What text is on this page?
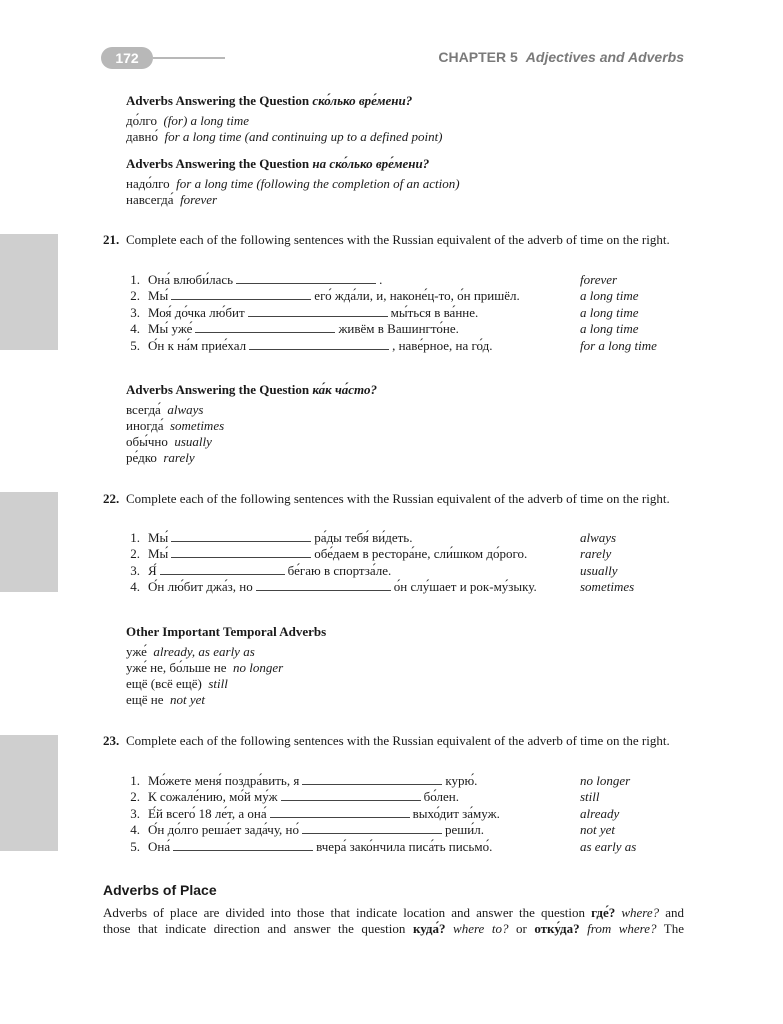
172	CHAPTER 5 Adjectives and Adverbs
Adverbs Answering the Question ско́лько вре́мени?
до́лго (for) a long time
давно́ for a long time (and continuing up to a defined point)
Adverbs Answering the Question на ско́лько вре́мени?
надо́лго for a long time (following the completion of an action)
навсегда́ forever
21. Complete each of the following sentences with the Russian equivalent of the adverb of time on the right.
1. Она́ влюби́лась	.	forever
2. Мы́	его́ жда́ли, и, наконе́ц-то, о́н пришёл.	a long time
3. Моя́ до́чка лю́бит	мы́ться в ва́нне.	a long time
4. Мы́ уже́	живём в Вашингто́не.	a long time
5. О́н к на́м прие́хал	, наве́рное, на го́д.	for a long time
Adverbs Answering the Question ка́к ча́сто?
всегда́ always
иногда́ sometimes
обы́чно usually
ре́дко rarely
22. Complete each of the following sentences with the Russian equivalent of the adverb of time on the right.
1. Мы́	ра́ды тебя́ ви́деть.	always
2. Мы́	обе́даем в рестора́не, сли́шком до́рого.	rarely
3. Я́	бе́гаю в спортза́ле.	usually
4. О́н лю́бит джа́з, но	о́н слу́шает и рок-му́зыку.	sometimes
Other Important Temporal Adverbs
уже́ already, as early as
уже́ не, бо́льше не no longer
ещё (всё ещё) still
ещё не not yet
23. Complete each of the following sentences with the Russian equivalent of the adverb of time on the right.
1. Мо́жете меня́ поздра́вить, я	курю́.	no longer
2. К сожале́нию, мо́й му́ж	бо́лен.	still
3. Е́й всего́ 18 ле́т, а она́	выхо́дит за́муж.	already
4. О́н до́лго реша́ет зада́чу, но́	реши́л.	not yet
5. Она́	вчера́ зако́нчила писа́ть письмо́.	as early as
Adverbs of Place
Adverbs of place are divided into those that indicate location and answer the question где́? where? and
those that indicate direction and answer the question куда́? where to? or отку́да? from where? The
